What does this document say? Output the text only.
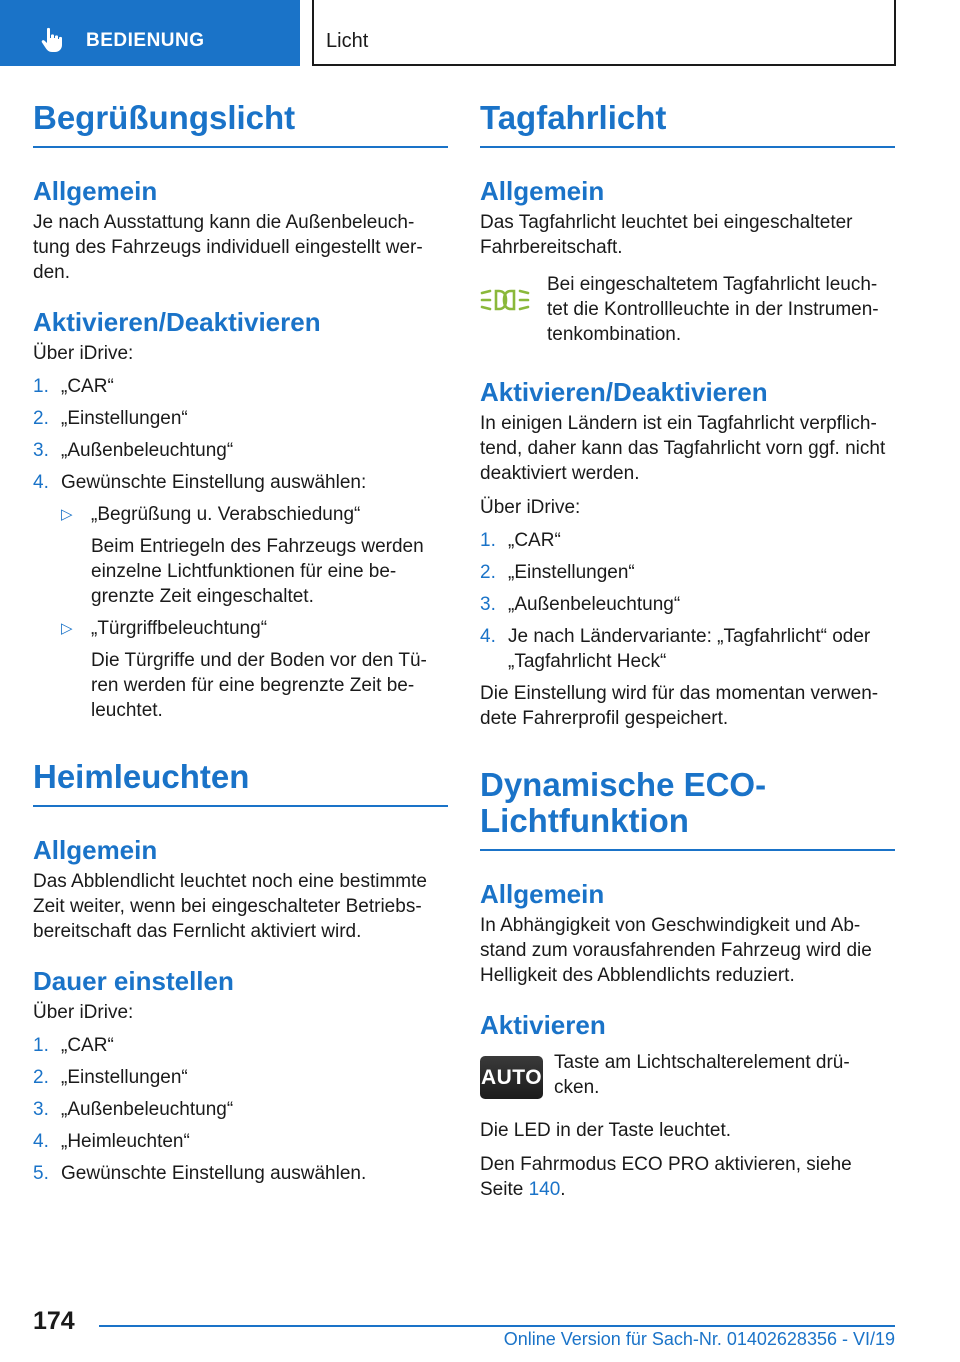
BEDIENUNG	Licht
Begrüßungslicht
Allgemein

Je nach Ausstattung kann die Außenbeleuch-tung des Fahrzeugs individuell eingestellt wer-den.

Aktivieren/Deaktivieren

Über iDrive:

1. „CAR“
2. „Einstellungen“
3. „Außenbeleuchtung“
4. Gewünschte Einstellung auswählen:
▷ „Begrüßung u. Verabschiedung“
Beim Entriegeln des Fahrzeugs werden einzelne Lichtfunktionen für eine be-grenzte Zeit eingeschaltet.
▷ „Türgriffbeleuchtung“
Die Türgriffe und der Boden vor den Tü-ren werden für eine begrenzte Zeit be-leuchtet.
Heimleuchten
Allgemein

Das Abblendlicht leuchtet noch eine bestimmte Zeit weiter, wenn bei eingeschalteter Betriebs-bereitschaft das Fernlicht aktiviert wird.

Dauer einstellen

Über iDrive:

1. „CAR“
2. „Einstellungen“
3. „Außenbeleuchtung“
4. „Heimleuchten“
5. Gewünschte Einstellung auswählen.
Tagfahrlicht
Allgemein

Das Tagfahrlicht leuchtet bei eingeschalteter Fahrbereitschaft.

Bei eingeschaltetem Tagfahrlicht leuch-tet die Kontrollleuchte in der Instrumen-tenkombination.

Aktivieren/Deaktivieren

In einigen Ländern ist ein Tagfahrlicht verpflich-tend, daher kann das Tagfahrlicht vorn ggf. nicht deaktiviert werden.

Über iDrive:

1. „CAR“
2. „Einstellungen“
3. „Außenbeleuchtung“
4. Je nach Ländervariante: „Tagfahrlicht“ oder „Tagfahrlicht Heck“

Die Einstellung wird für das momentan verwen-dete Fahrerprofil gespeichert.

Dynamische ECO-
Lichtfunktion
Allgemein

In Abhängigkeit von Geschwindigkeit und Ab-stand zum vorausfahrenden Fahrzeug wird die Helligkeit des Abblendlichts reduziert.

Aktivieren
AUTO

Taste am Lichtschalterelement drü-cken.

Die LED in der Taste leuchtet.

Den Fahrmodus ECO PRO aktivieren, siehe Seite 140.

174
Online Version für Sach-Nr. 01402628356 - VI/19
